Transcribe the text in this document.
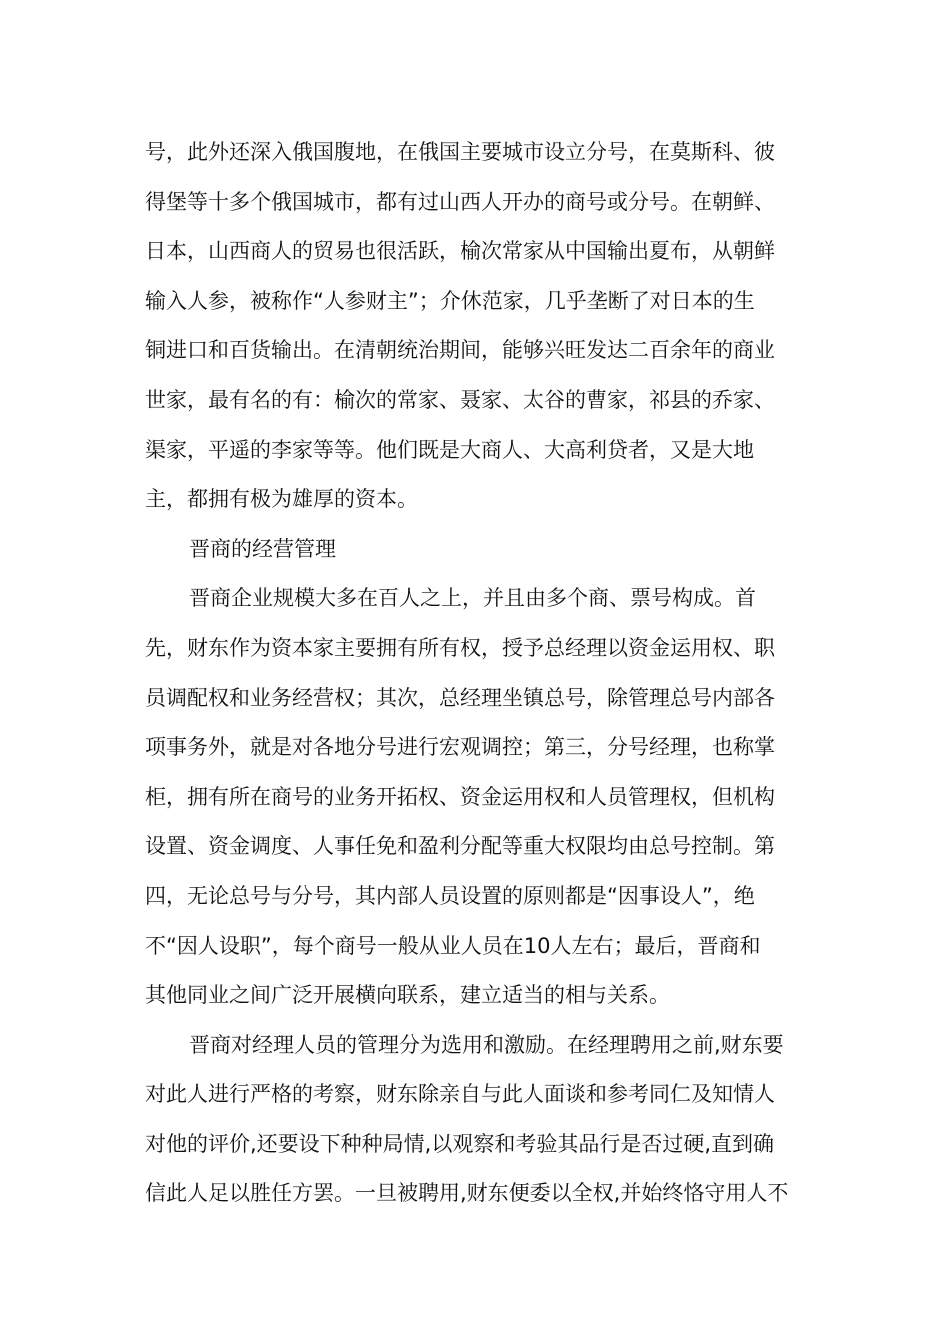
号，此外还深入俄国腹地，在俄国主要城市设立分号，在莫斯科、彼
得堡等十多个俄国城市，都有过山西人开办的商号或分号。在朝鲜、
日本，山西商人的贸易也很活跃，榆次常家从中国输出夏布，从朝鲜
输入人参，被称作“人参财主”；介休范家，几乎垄断了对日本的生
铜进口和百货输出。在清朝统治期间，能够兴旺发达二百余年的商业
世家，最有名的有：榆次的常家、聂家、太谷的曹家，祁县的乔家、
渠家，平遥的李家等等。他们既是大商人、大高利贷者，又是大地
主，都拥有极为雄厚的资本。
晋商的经营管理
晋商企业规模大多在百人之上，并且由多个商、票号构成。首
先，财东作为资本家主要拥有所有权，授予总经理以资金运用权、职
员调配权和业务经营权；其次，总经理坐镇总号，除管理总号内部各
项事务外，就是对各地分号进行宏观调控；第三，分号经理，也称掌
柜，拥有所在商号的业务开拓权、资金运用权和人员管理权，但机构
设置、资金调度、人事任免和盈利分配等重大权限均由总号控制。第
四，无论总号与分号，其内部人员设置的原则都是“因事设人”，绝
不“因人设职”，每个商号一般从业人员在10人左右；最后，晋商和
其他同业之间广泛开展横向联系，建立适当的相与关系。
晋商对经理人员的管理分为选用和激励。在经理聘用之前,财东要
对此人进行严格的考察，财东除亲自与此人面谈和参考同仁及知情人
对他的评价,还要设下种种局情,以观察和考验其品行是否过硬,直到确
信此人足以胜任方罢。一旦被聘用,财东便委以全权,并始终恪守用人不
